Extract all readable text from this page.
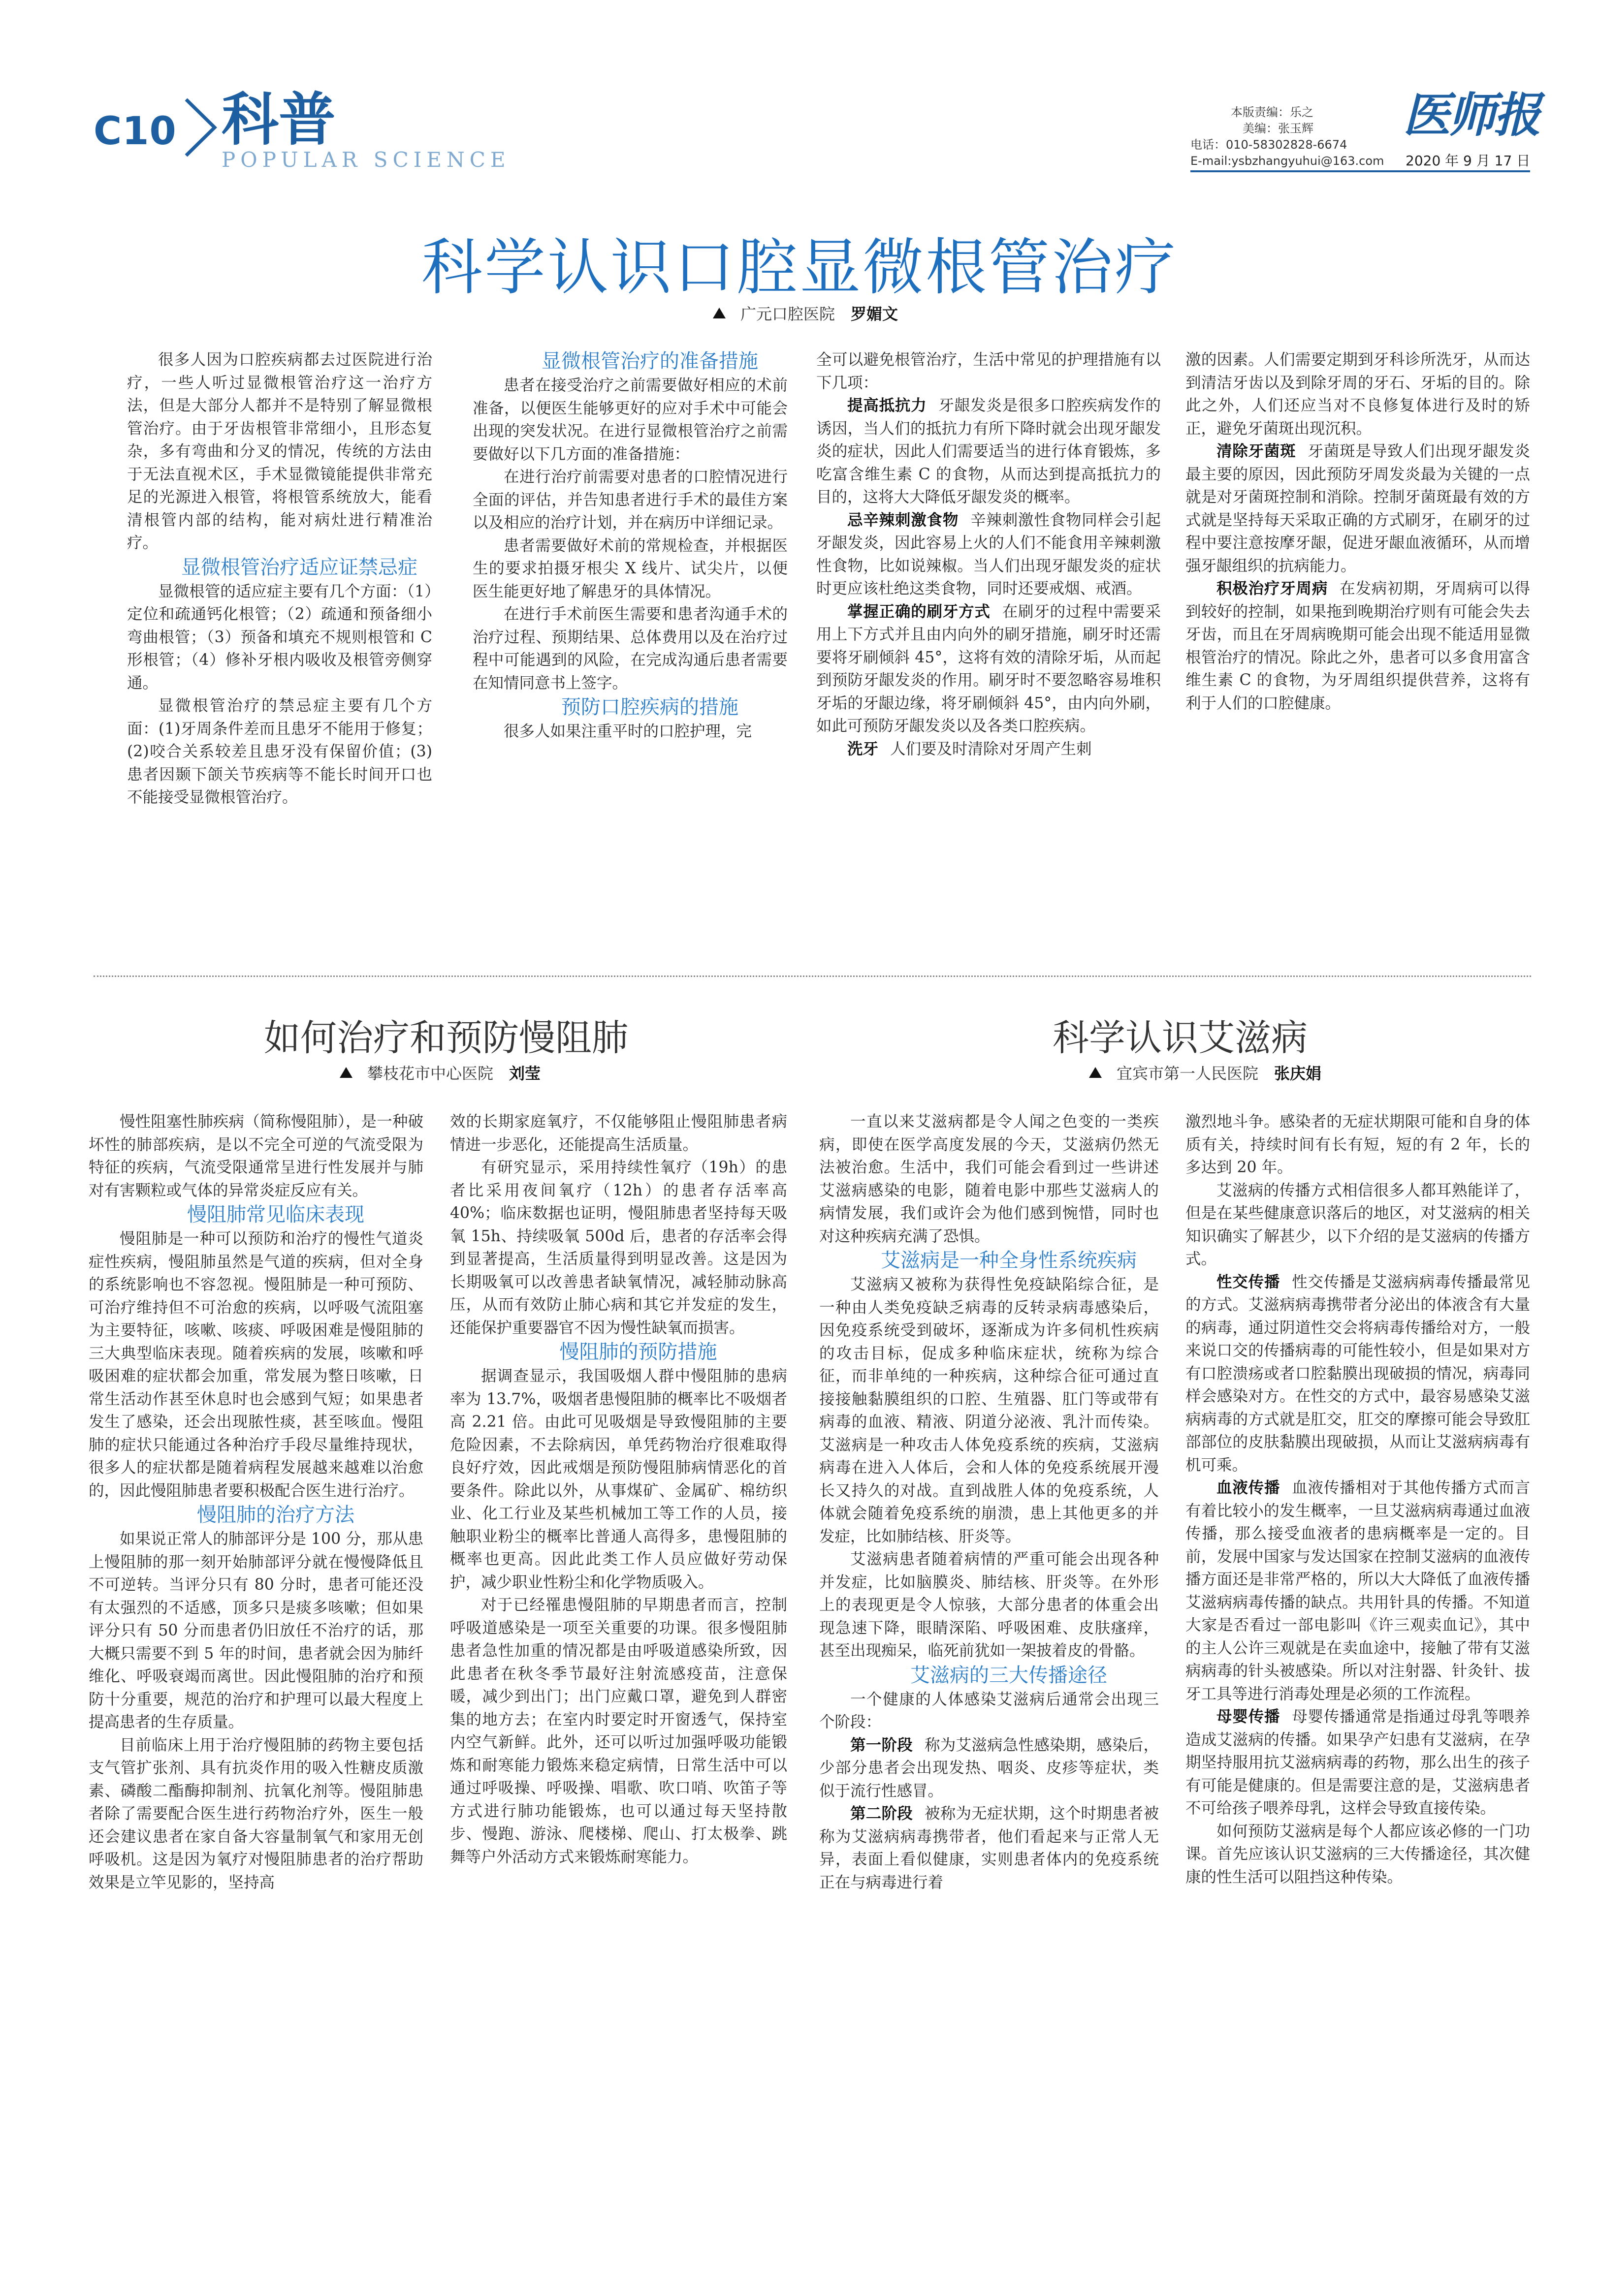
C10 科普
POPULAR SCIENCE
本版责编：乐之
美编：张玉辉
电话：010-58302828-6674
E-mail:ysbzhangyuhui@163.com
医师报
2020 年 9 月 17 日
科学认识口腔显微根管治疗
广元口腔医院　 罗媚文

很多人因为口腔疾病都去过医院进行治疗，一些人听过显微根管治疗这一治疗方法，但是大部分人都并不是特别了解显微根管治疗。由于牙齿根管非常细小，且形态复杂，多有弯曲和分叉的情况，传统的方法由于无法直视术区，手术显微镜能提供非常充足的光源进入根管，将根管系统放大，能看清根管内部的结构，能对病灶进行精准治疗。

显微根管治疗适应证禁忌症

显微根管的适应症主要有几个方面：（1）定位和疏通钙化根管；（2）疏通和预备细小弯曲根管；（3）预备和填充不规则根管和 C 形根管；（4）修补牙根内吸收及根管旁侧穿通。

显微根管治疗的禁忌症主要有几个方面：(1)牙周条件差而且患牙不能用于修复；(2)咬合关系较差且患牙没有保留价值；(3)患者因颞下颌关节疾病等不能长时间开口也不能接受显微根管治疗。

显微根管治疗的准备措施

患者在接受治疗之前需要做好相应的术前准备，以便医生能够更好的应对手术中可能会出现的突发状况。在进行显微根管治疗之前需要做好以下几方面的准备措施：

在进行治疗前需要对患者的口腔情况进行全面的评估，并告知患者进行手术的最佳方案以及相应的治疗计划，并在病历中详细记录。

患者需要做好术前的常规检查，并根据医生的要求拍摄牙根尖 X 线片、试尖片，以便医生能更好地了解患牙的具体情况。

在进行手术前医生需要和患者沟通手术的治疗过程、预期结果、总体费用以及在治疗过程中可能遇到的风险，在完成沟通后患者需要在知情同意书上签字。

预防口腔疾病的措施

很多人如果注重平时的口腔护理，完

全可以避免根管治疗，生活中常见的护理措施有以下几项：

提高抵抗力 牙龈发炎是很多口腔疾病发作的诱因，当人们的抵抗力有所下降时就会出现牙龈发炎的症状，因此人们需要适当的进行体育锻炼，多吃富含维生素 C 的食物，从而达到提高抵抗力的目的，这将大大降低牙龈发炎的概率。

忌辛辣刺激食物 辛辣刺激性食物同样会引起牙龈发炎，因此容易上火的人们不能食用辛辣刺激性食物，比如说辣椒。当人们出现牙龈发炎的症状时更应该杜绝这类食物，同时还要戒烟、戒酒。

掌握正确的刷牙方式 在刷牙的过程中需要采用上下方式并且由内向外的刷牙措施，刷牙时还需要将牙刷倾斜 45°，这将有效的清除牙垢，从而起到预防牙龈发炎的作用。刷牙时不要忽略容易堆积牙垢的牙龈边缘，将牙刷倾斜 45°，由内向外刷，如此可预防牙龈发炎以及各类口腔疾病。

洗牙 人们要及时清除对牙周产生刺

激的因素。人们需要定期到牙科诊所洗牙，从而达到清洁牙齿以及到除牙周的牙石、牙垢的目的。除此之外，人们还应当对不良修复体进行及时的矫正，避免牙菌斑出现沉积。

清除牙菌斑 牙菌斑是导致人们出现牙龈发炎最主要的原因，因此预防牙周发炎最为关键的一点就是对牙菌斑控制和消除。控制牙菌斑最有效的方式就是坚持每天采取正确的方式刷牙，在刷牙的过程中要注意按摩牙龈，促进牙龈血液循环，从而增强牙龈组织的抗病能力。

积极治疗牙周病 在发病初期，牙周病可以得到较好的控制，如果拖到晚期治疗则有可能会失去牙齿，而且在牙周病晚期可能会出现不能适用显微根管治疗的情况。除此之外，患者可以多食用富含维生素 C 的食物，为牙周组织提供营养，这将有利于人们的口腔健康。

如何治疗和预防慢阻肺
攀枝花市中心医院　 刘莹

慢性阻塞性肺疾病（简称慢阻肺），是一种破坏性的肺部疾病，是以不完全可逆的气流受限为特征的疾病，气流受限通常呈进行性发展并与肺对有害颗粒或气体的异常炎症反应有关。

慢阻肺常见临床表现

慢阻肺是一种可以预防和治疗的慢性气道炎症性疾病，慢阻肺虽然是气道的疾病，但对全身的系统影响也不容忽视。慢阻肺是一种可预防、可治疗维持但不可治愈的疾病，以呼吸气流阻塞为主要特征，咳嗽、咳痰、呼吸困难是慢阻肺的三大典型临床表现。随着疾病的发展，咳嗽和呼吸困难的症状都会加重，常发展为整日咳嗽，日常生活动作甚至休息时也会感到气短；如果患者发生了感染，还会出现脓性痰，甚至咳血。慢阻肺的症状只能通过各种治疗手段尽量维持现状，很多人的症状都是随着病程发展越来越难以治愈的，因此慢阻肺患者要积极配合医生进行治疗。

慢阻肺的治疗方法

如果说正常人的肺部评分是 100 分，那从患上慢阻肺的那一刻开始肺部评分就在慢慢降低且不可逆转。当评分只有 80 分时，患者可能还没有太强烈的不适感，顶多只是痰多咳嗽；但如果评分只有 50 分而患者仍旧放任不治疗的话，那大概只需要不到 5 年的时间，患者就会因为肺纤维化、呼吸衰竭而离世。因此慢阻肺的治疗和预防十分重要，规范的治疗和护理可以最大程度上提高患者的生存质量。

目前临床上用于治疗慢阻肺的药物主要包括支气管扩张剂、具有抗炎作用的吸入性糖皮质激素、磷酸二酯酶抑制剂、抗氧化剂等。慢阻肺患者除了需要配合医生进行药物治疗外，医生一般还会建议患者在家自备大容量制氧气和家用无创呼吸机。这是因为氧疗对慢阻肺患者的治疗帮助效果是立竿见影的，坚持高

效的长期家庭氧疗，不仅能够阻止慢阻肺患者病情进一步恶化，还能提高生活质量。

有研究显示，采用持续性氧疗（19h）的患者比采用夜间氧疗（12h）的患者存活率高 40%；临床数据也证明，慢阻肺患者坚持每天吸氧 15h、持续吸氧 500d 后，患者的存活率会得到显著提高，生活质量得到明显改善。这是因为长期吸氧可以改善患者缺氧情况，减轻肺动脉高压，从而有效防止肺心病和其它并发症的发生，还能保护重要器官不因为慢性缺氧而损害。

慢阻肺的预防措施

据调查显示，我国吸烟人群中慢阻肺的患病率为 13.7%，吸烟者患慢阻肺的概率比不吸烟者高 2.21 倍。由此可见吸烟是导致慢阻肺的主要危险因素，不去除病因，单凭药物治疗很难取得良好疗效，因此戒烟是预防慢阻肺病情恶化的首要条件。除此以外，从事煤矿、金属矿、棉纺织业、化工行业及某些机械加工等工作的人员，接触职业粉尘的概率比普通人高得多，患慢阻肺的概率也更高。因此此类工作人员应做好劳动保护，减少职业性粉尘和化学物质吸入。

对于已经罹患慢阻肺的早期患者而言，控制呼吸道感染是一项至关重要的功课。很多慢阻肺患者急性加重的情况都是由呼吸道感染所致，因此患者在秋冬季节最好注射流感疫苗，注意保暖，减少到出门；出门应戴口罩，避免到人群密集的地方去；在室内时要定时开窗透气，保持室内空气新鲜。此外，还可以听过加强呼吸功能锻炼和耐寒能力锻炼来稳定病情，日常生活中可以通过呼吸操、呼吸操、唱歌、吹口哨、吹笛子等方式进行肺功能锻炼，也可以通过每天坚持散步、慢跑、游泳、爬楼梯、爬山、打太极拳、跳舞等户外活动方式来锻炼耐寒能力。

科学认识艾滋病
宜宾市第一人民医院　 张庆娟

一直以来艾滋病都是令人闻之色变的一类疾病，即使在医学高度发展的今天，艾滋病仍然无法被治愈。生活中，我们可能会看到过一些讲述艾滋病感染的电影，随着电影中那些艾滋病人的病情发展，我们或许会为他们感到惋惜，同时也对这种疾病充满了恐惧。

艾滋病是一种全身性系统疾病

艾滋病又被称为获得性免疫缺陷综合征，是一种由人类免疫缺乏病毒的反转录病毒感染后，因免疫系统受到破坏，逐渐成为许多伺机性疾病的攻击目标，促成多种临床症状，统称为综合征，而非单纯的一种疾病，这种综合征可通过直接接触黏膜组织的口腔、生殖器、肛门等或带有病毒的血液、精液、阴道分泌液、乳汁而传染。艾滋病是一种攻击人体免疫系统的疾病，艾滋病病毒在进入人体后，会和人体的免疫系统展开漫长又持久的对战。直到战胜人体的免疫系统，人体就会随着免疫系统的崩溃，患上其他更多的并发症，比如肺结核、肝炎等。

艾滋病患者随着病情的严重可能会出现各种并发症，比如脑膜炎、肺结核、肝炎等。在外形上的表现更是令人惊骇，大部分患者的体重会出现急速下降，眼睛深陷、呼吸困难、皮肤瘙痒，甚至出现痴呆，临死前犹如一架披着皮的骨骼。

艾滋病的三大传播途径

一个健康的人体感染艾滋病后通常会出现三个阶段：

第一阶段 称为艾滋病急性感染期，感染后，少部分患者会出现发热、咽炎、皮疹等症状，类似于流行性感冒。

第二阶段 被称为无症状期，这个时期患者被称为艾滋病病毒携带者，他们看起来与正常人无异，表面上看似健康，实则患者体内的免疫系统正在与病毒进行着

激烈地斗争。感染者的无症状期限可能和自身的体质有关，持续时间有长有短，短的有 2 年，长的多达到 20 年。

艾滋病的传播方式相信很多人都耳熟能详了，但是在某些健康意识落后的地区，对艾滋病的相关知识确实了解甚少，以下介绍的是艾滋病的传播方式。

性交传播 性交传播是艾滋病病毒传播最常见的方式。艾滋病病毒携带者分泌出的体液含有大量的病毒，通过阴道性交会将病毒传播给对方，一般来说口交的传播病毒的可能性较小，但是如果对方有口腔溃疡或者口腔黏膜出现破损的情况，病毒同样会感染对方。在性交的方式中，最容易感染艾滋病病毒的方式就是肛交，肛交的摩擦可能会导致肛部部位的皮肤黏膜出现破损，从而让艾滋病病毒有机可乘。

血液传播 血液传播相对于其他传播方式而言有着比较小的发生概率，一旦艾滋病病毒通过血液传播，那么接受血液者的患病概率是一定的。目前，发展中国家与发达国家在控制艾滋病的血液传播方面还是非常严格的，所以大大降低了血液传播艾滋病病毒传播的缺点。共用针具的传播。不知道大家是否看过一部电影叫《许三观卖血记》，其中的主人公许三观就是在卖血途中，接触了带有艾滋病病毒的针头被感染。所以对注射器、针灸针、拔牙工具等进行消毒处理是必须的工作流程。

母婴传播 母婴传播通常是指通过母乳等喂养造成艾滋病的传播。如果孕产妇患有艾滋病，在孕期坚持服用抗艾滋病病毒的药物，那么出生的孩子有可能是健康的。但是需要注意的是，艾滋病患者不可给孩子喂养母乳，这样会导致直接传染。

如何预防艾滋病是每个人都应该必修的一门功课。首先应该认识艾滋病的三大传播途径，其次健康的性生活可以阻挡这种传染。
